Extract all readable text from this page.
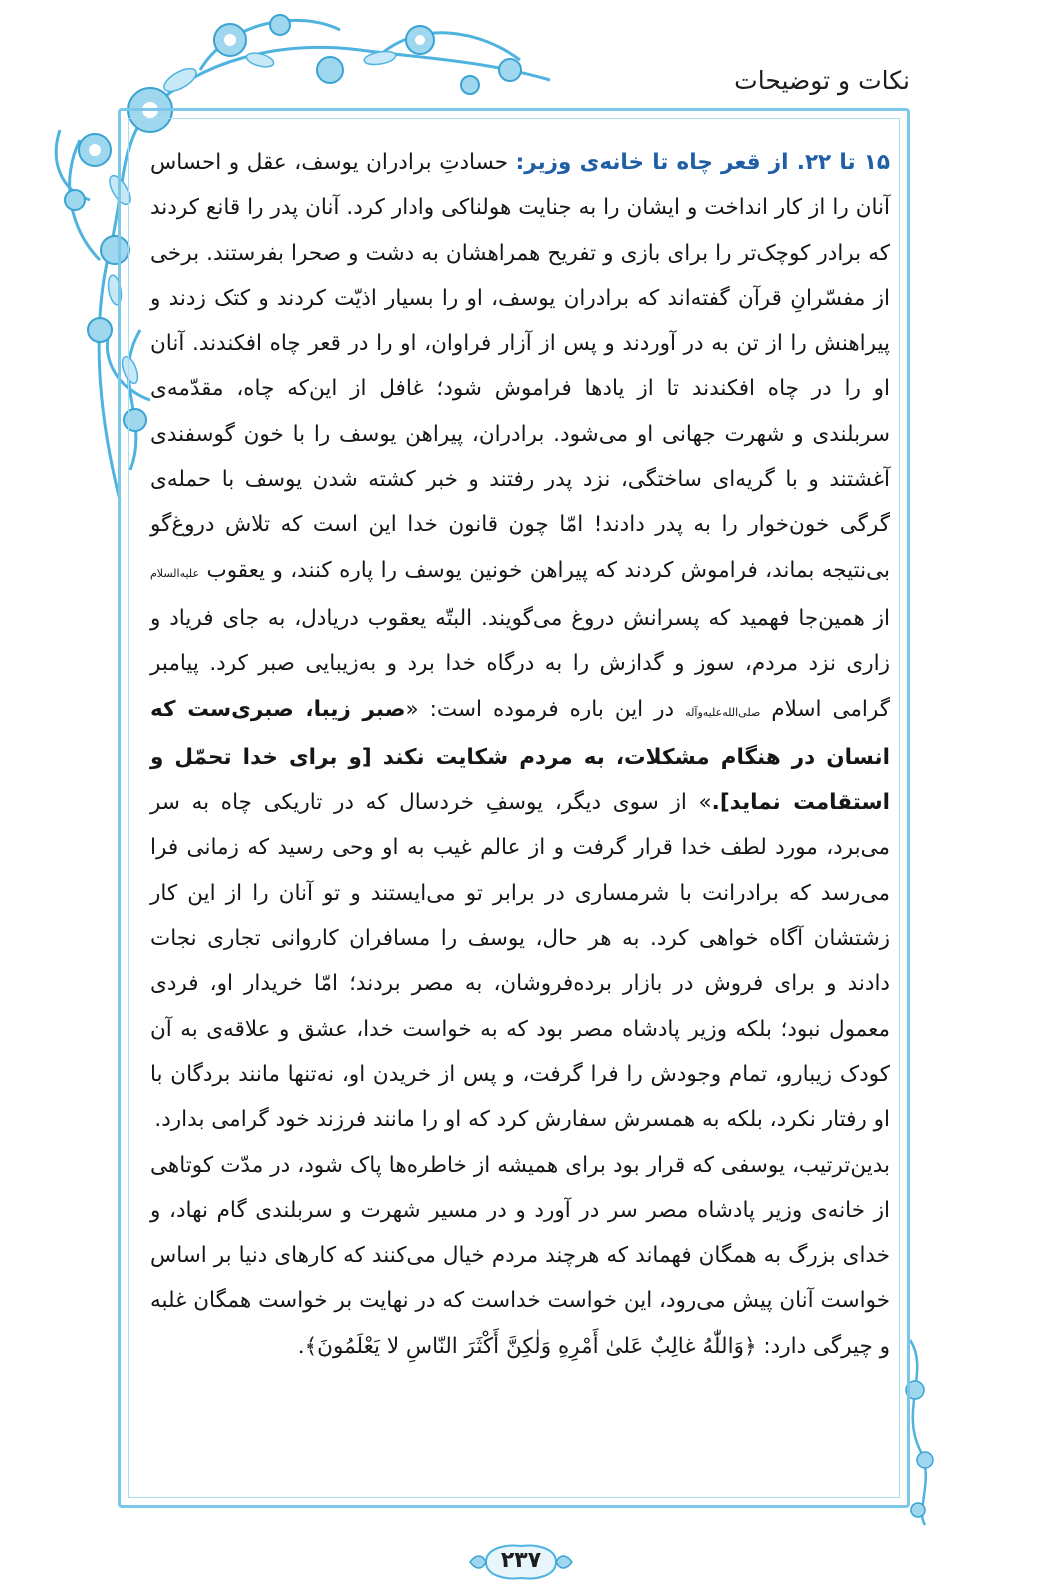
نکات و توضیحات

۱۵ تا ۲۲. از قعر چاه تا خانه‌ی وزیر: حسادتِ برادران یوسف، عقل و احساس آنان را از کار انداخت و ایشان را به جنایت هولناکی وادار کرد. آنان پدر را قانع کردند که برادر کوچک‌تر را برای بازی و تفریح همراهشان به دشت و صحرا بفرستند. برخی از مفسّرانِ قرآن گفته‌اند که برادران یوسف، او را بسیار اذیّت کردند و کتک زدند و پیراهنش را از تن به در آوردند و پس از آزار فراوان، او را در قعر چاه افکندند. آنان او را در چاه افکندند تا از یادها فراموش شود؛ غافل از این‌که چاه، مقدّمه‌ی سربلندی و شهرت جهانی او می‌شود. برادران، پیراهن یوسف را با خون گوسفندی آغشتند و با گریه‌ای ساختگی، نزد پدر رفتند و خبر کشته شدن یوسف با حمله‌ی گرگی خون‌خوار را به پدر دادند! امّا چون قانون خدا این است که تلاش دروغ‌گو بی‌نتیجه بماند، فراموش کردند که پیراهن خونین یوسف را پاره کنند، و یعقوب علیه‌السلام از همین‌جا فهمید که پسرانش دروغ می‌گویند. البتّه یعقوب دریادل، به جای فریاد و زاری نزد مردم، سوز و گدازش را به درگاه خدا برد و به‌زیبایی صبر کرد. پیامبر گرامی اسلام صلی‌الله‌علیه‌وآله در این باره فرموده است: «صبر زیبا، صبری‌ست که انسان در هنگام مشکلات، به مردم شکایت نکند [و برای خدا تحمّل و استقامت نماید].» از سوی دیگر، یوسفِ خردسال که در تاریکی چاه به سر می‌برد، مورد لطف خدا قرار گرفت و از عالم غیب به او وحی رسید که زمانی فرا می‌رسد که برادرانت با شرمساری در برابر تو می‌ایستند و تو آنان را از این کار زشتشان آگاه خواهی کرد. به هر حال، یوسف را مسافران کاروانی تجاری نجات دادند و برای فروش در بازار برده‌فروشان، به مصر بردند؛ امّا خریدار او، فردی معمول نبود؛ بلکه وزیر پادشاه مصر بود که به خواست خدا، عشق و علاقه‌ی به آن کودک زیبارو، تمام وجودش را فرا گرفت، و پس از خریدن او، نه‌تنها مانند بردگان با او رفتار نکرد، بلکه به همسرش سفارش کرد که او را مانند فرزند خود گرامی بدارد.

بدین‌ترتیب، یوسفی که قرار بود برای همیشه از خاطره‌ها پاک شود، در مدّت کوتاهی از خانه‌ی وزیر پادشاه مصر سر در آورد و در مسیر شهرت و سربلندی گام نهاد، و خدای بزرگ به همگان فهماند که هرچند مردم خیال می‌کنند که کارهای دنیا بر اساس خواست آنان پیش می‌رود، این خواست خداست که در نهایت بر خواست همگان غلبه و چیرگی دارد: ﴿وَاللّٰهُ غالِبٌ عَلیٰ أَمْرِهِ وَلٰکِنَّ أَکْثَرَ النّاسِ لا یَعْلَمُونَ﴾.

۲۳۷
